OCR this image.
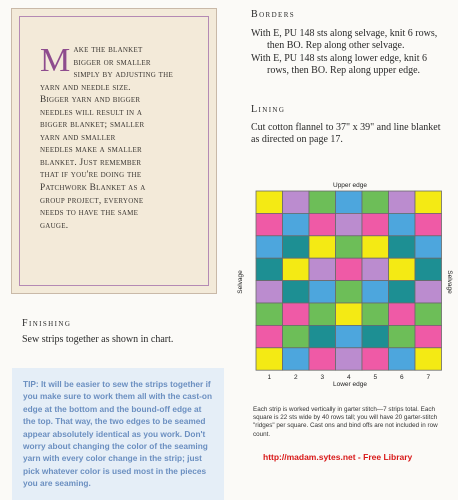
Make the blanket
bigger or smaller
simply by adjusting the
yarn and needle size.
Bigger yarn and bigger
needles will result in a
bigger blanket; smaller
yarn and smaller
needles make a smaller
blanket. Just remember
that if you're doing the
Patchwork Blanket as a
group project, everyone
needs to have the same
gauge.
Finishing
Sew strips together as shown in chart.
TIP: It will be easier to sew the strips together if you make sure to work them all with the cast-on edge at the bottom and the bound-off edge at the top. That way, the two edges to be seamed appear absolutely identical as you work. Don't worry about changing the color of the seaming yarn with every color change in the strip; just pick whatever color is used most in the pieces you are seaming.
Borders

With E, PU 148 sts along selvage, knit 6 rows, then BO. Rep along other selvage.

With E, PU 148 sts along lower edge, knit 6 rows, then BO. Rep along upper edge.

Lining
Cut cotton flannel to 37" x 39" and line blanket as directed on page 17.
Upper edge
Lower edge
Selvage	Selvage
1	2	3	4	5	6	7
Each strip is worked vertically in garter stitch—7 strips total. Each square is 22 sts wide by 40 rows tall; you will have 20 garter-stitch "ridges" per square. Cast ons and bind offs are not included in row count.
http://madam.sytes.net - Free Library
